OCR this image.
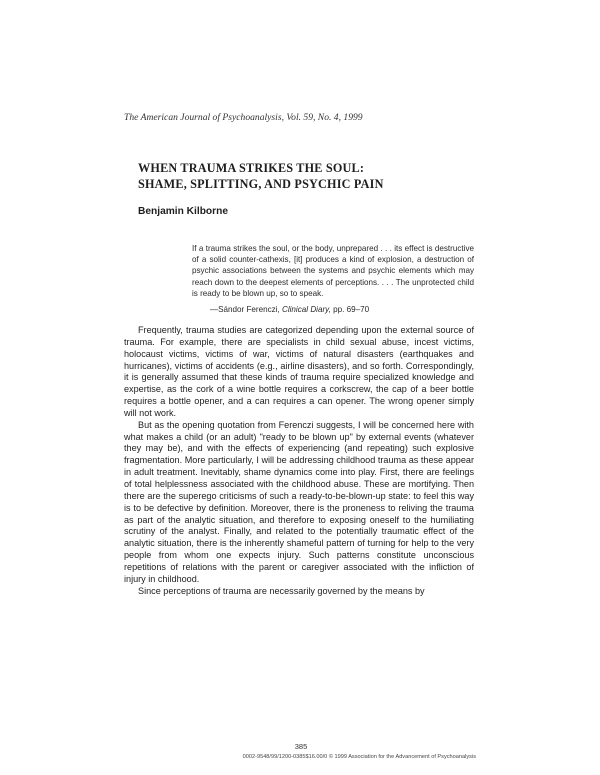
The American Journal of Psychoanalysis, Vol. 59, No. 4, 1999
WHEN TRAUMA STRIKES THE SOUL:
SHAME, SPLITTING, AND PSYCHIC PAIN
Benjamin Kilborne
If a trauma strikes the soul, or the body, unprepared . . . its effect is destructive of a solid counter-cathexis, [it] produces a kind of explosion, a destruction of psychic associations between the systems and psychic elements which may reach down to the deepest elements of perceptions. . . . The unprotected child is ready to be blown up, so to speak.
—Sándor Ferenczi, Clinical Diary, pp. 69–70

Frequently, trauma studies are categorized depending upon the external source of trauma. For example, there are specialists in child sexual abuse, incest victims, holocaust victims, victims of war, victims of natural disasters (earthquakes and hurricanes), victims of accidents (e.g., airline disasters), and so forth. Correspondingly, it is generally assumed that these kinds of trauma require specialized knowledge and expertise, as the cork of a wine bottle requires a corkscrew, the cap of a beer bottle requires a bottle opener, and a can requires a can opener. The wrong opener simply will not work.

But as the opening quotation from Ferenczi suggests, I will be concerned here with what makes a child (or an adult) "ready to be blown up" by external events (whatever they may be), and with the effects of experiencing (and repeating) such explosive fragmentation. More particularly, I will be addressing childhood trauma as these appear in adult treatment. Inevitably, shame dynamics come into play. First, there are feelings of total helplessness associated with the childhood abuse. These are mortifying. Then there are the superego criticisms of such a ready-to-be-blown-up state: to feel this way is to be defective by definition. Moreover, there is the proneness to reliving the trauma as part of the analytic situation, and therefore to exposing oneself to the humiliating scrutiny of the analyst. Finally, and related to the potentially traumatic effect of the analytic situation, there is the inherently shameful pattern of turning for help to the very people from whom one expects injury. Such patterns constitute unconscious repetitions of relations with the parent or caregiver associated with the infliction of injury in childhood.

Since perceptions of trauma are necessarily governed by the means by

385
0002-9548/99/1200-0385$16.00/0 © 1999 Association for the Advancement of Psychoanalysis
